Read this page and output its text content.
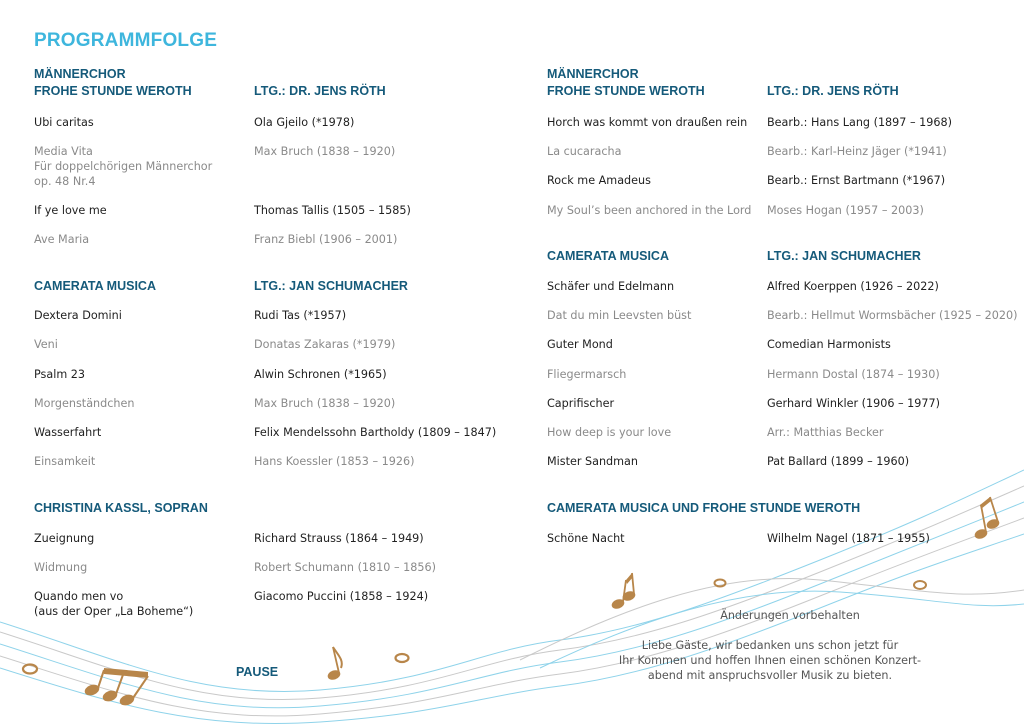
PROGRAMMFOLGE
MÄNNERCHOR
FROHE STUNDE WEROTH	LTG.: DR. JENS RÖTH
Ubi caritas	Ola Gjeilo (*1978)
Media Vita
Für doppelchörigen Männerchor
op. 48 Nr.4
Max Bruch (1838 – 1920)
If ye love me	Thomas Tallis (1505 – 1585)
Ave Maria	Franz Biebl (1906 – 2001)
CAMERATA MUSICA	LTG.: JAN SCHUMACHER
Dextera Domini	Rudi Tas (*1957)
Veni	Donatas Zakaras (*1979)
Psalm 23	Alwin Schronen (*1965)
Morgenständchen	Max Bruch (1838 – 1920)
Wasserfahrt	Felix Mendelssohn Bartholdy (1809 – 1847)
Einsamkeit	Hans Koessler (1853 – 1926)
CHRISTINA KASSL, SOPRAN
Zueignung	Richard Strauss (1864 – 1949)
Widmung	Robert Schumann (1810 – 1856)
Quando men vo
(aus der Oper „La Boheme“)
Giacomo Puccini (1858 – 1924)
PAUSE
MÄNNERCHOR
FROHE STUNDE WEROTH	LTG.: DR. JENS RÖTH
Horch was kommt von draußen rein Bearb.: Hans Lang (1897 – 1968)
La cucaracha	Bearb.: Karl-Heinz Jäger (*1941)
Rock me Amadeus	Bearb.: Ernst Bartmann (*1967)
My Soul’s been anchored in the Lord Moses Hogan (1957 – 2003)
CAMERATA MUSICA	LTG.: JAN SCHUMACHER
Schäfer und Edelmann	Alfred Koerppen (1926 – 2022)
Dat du min Leevsten büst	Bearb.: Hellmut Wormsbächer (1925 – 2020)
Guter Mond	Comedian Harmonists
Fliegermarsch	Hermann Dostal (1874 – 1930)
Caprifischer	Gerhard Winkler (1906 – 1977)
How deep is your love	Arr.: Matthias Becker
Mister Sandman	Pat Ballard (1899 – 1960)
CAMERATA MUSICA UND FROHE STUNDE WEROTH
Schöne Nacht	Wilhelm Nagel (1871 – 1955)
Änderungen vorbehalten
Liebe Gäste, wir bedanken uns schon jetzt für
Ihr Kommen und hoffen Ihnen einen schönen Konzert-
abend mit anspruchsvoller Musik zu bieten.
